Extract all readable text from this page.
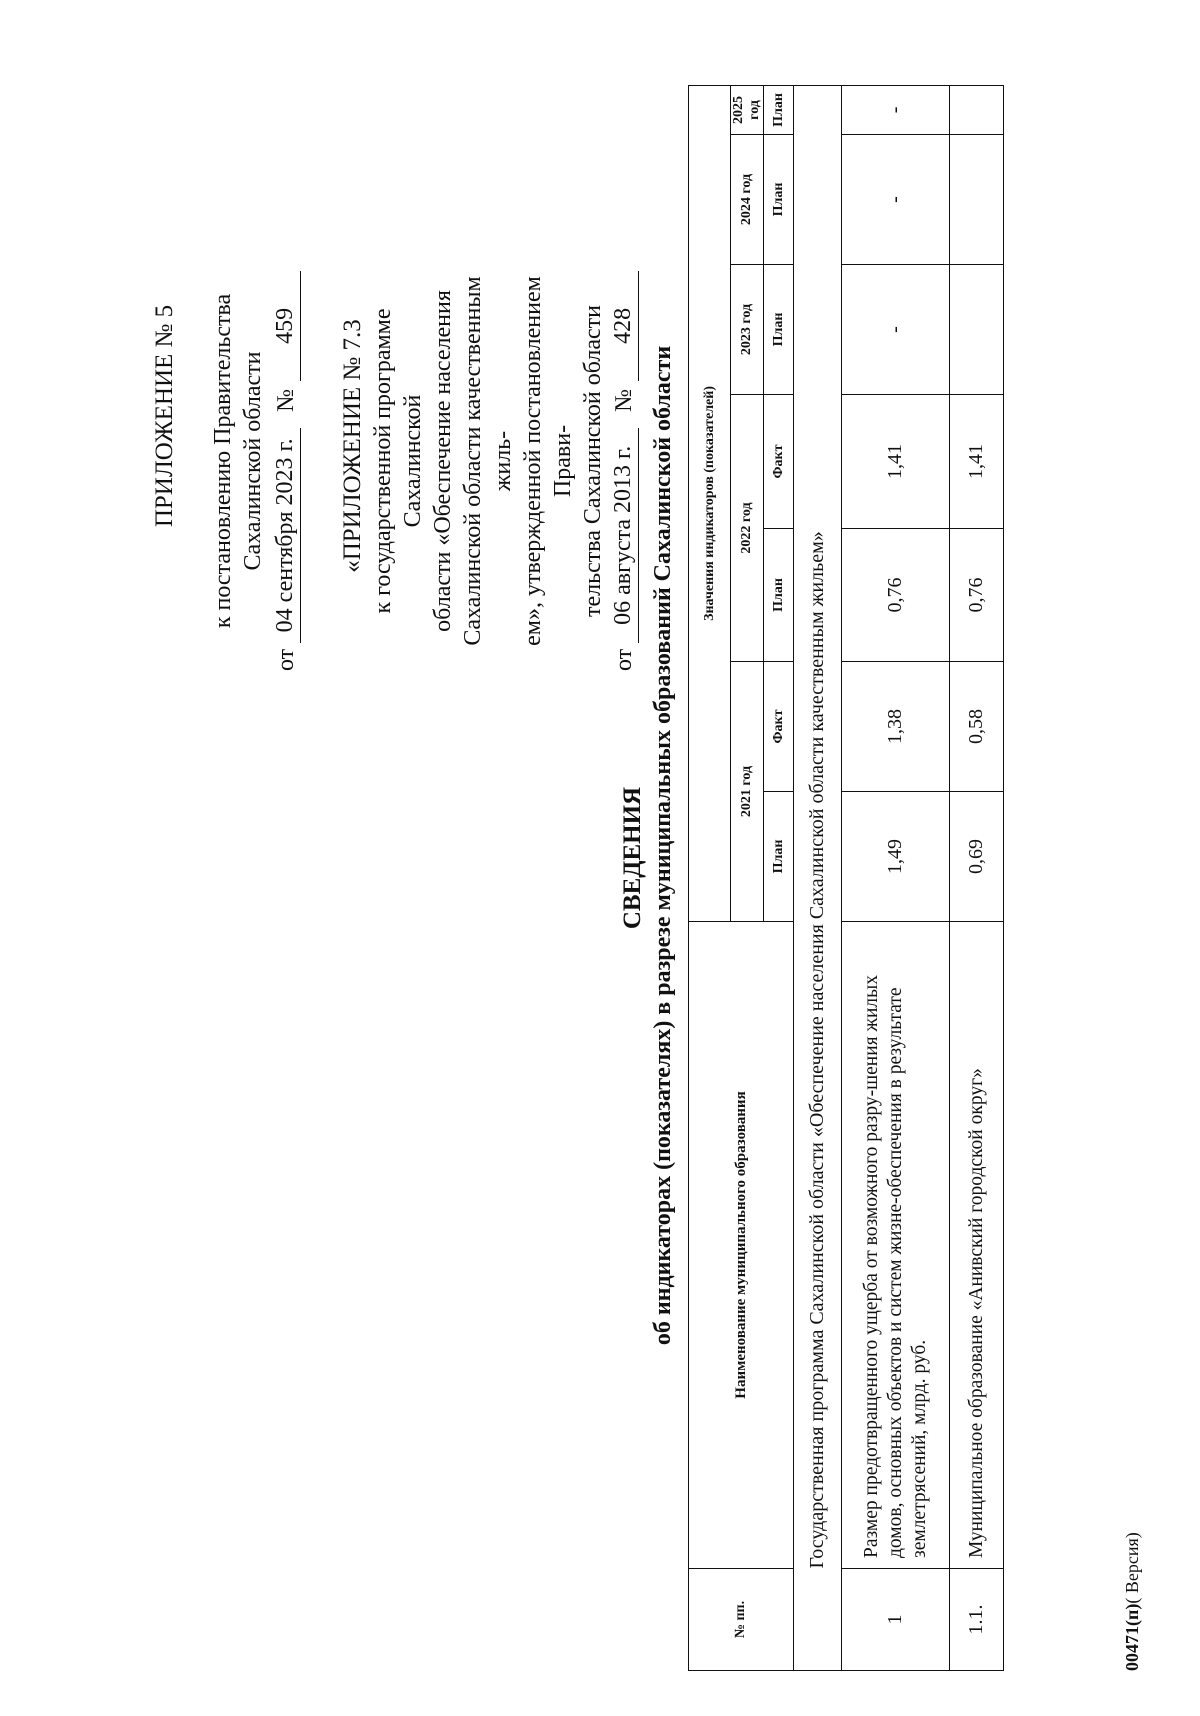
ПРИЛОЖЕНИЕ № 5 к постановлению Правительства Сахалинской области
от
04 сентября 2023 г.
№
459 «ПРИЛОЖЕНИЕ № 7.3 к государственной программе Сахалинской области «Обеспечение населения Сахалинской области качественным жиль- ем», утвержденной постановлением Прави- тельства Сахалинской области
от
06 августа 2013 г.
№
428
СВЕДЕНИЯ об индикаторах (показателях) в разрезе муниципальных образований Сахалинской области
№ пп.	Наименование муниципального образования	Значения индикаторов (показателей)						
		2021 год		2022 год		2023 год	2024 год	2025 год
		План	Факт	План	Факт	План	План	План
	Государственная программа Сахалинской области «Обеспечение населения Сахалинской области качественным жильем»							
1	Размер предотвращенного ущерба от возможного разру-шения жилых домов, основных объектов и систем жизне-обеспечения в результате землетрясений, млрд. руб.	1,49	1,38	0,76	1,41	-	-	-
1.1.	Муниципальное образование «Анивский городской округ»	0,69	0,58	0,76	1,41			
00471(п)( Версия)
